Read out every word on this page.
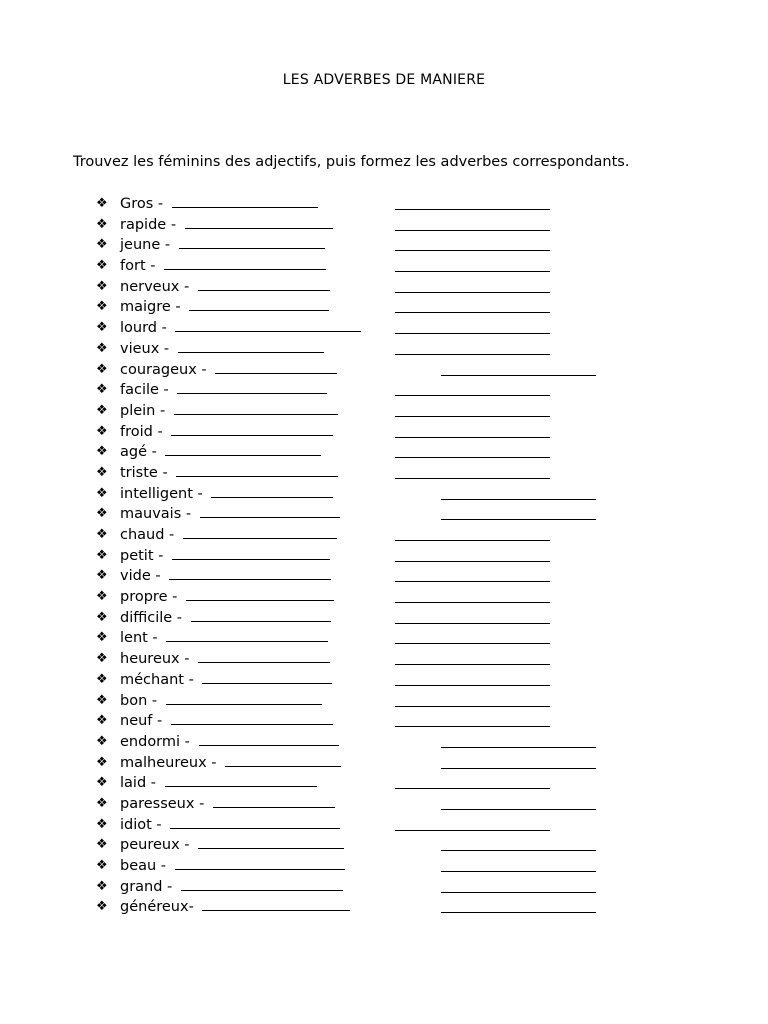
LES ADVERBES DE MANIERE
Trouvez les féminins des adjectifs, puis formez les adverbes correspondants.
❖ Gros -
❖ rapide -
❖ jeune -
❖ fort -
❖ nerveux -
❖ maigre -
❖ lourd -
❖ vieux -
❖ courageux -
❖ facile -
❖ plein -
❖ froid -
❖ agé -
❖ triste -
❖ intelligent -
❖ mauvais -
❖ chaud -
❖ petit -
❖ vide -
❖ propre -
❖ difficile -
❖ lent -
❖ heureux -
❖ méchant -
❖ bon -
❖ neuf -
❖ endormi -
❖ malheureux -
❖ laid -
❖ paresseux -
❖ idiot -
❖ peureux -
❖ beau -
❖ grand -
❖ généreux-
